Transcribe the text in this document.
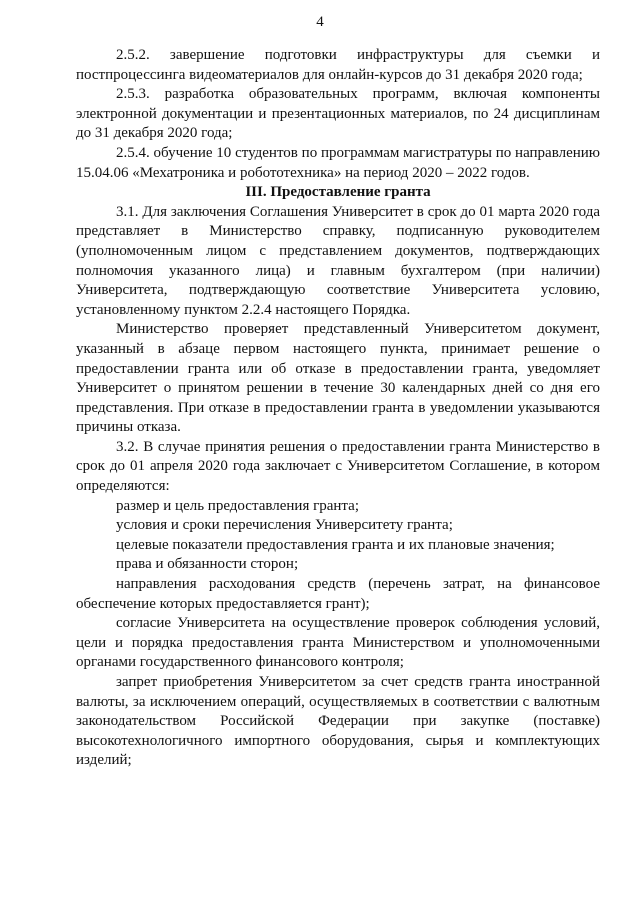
4

2.5.2. завершение подготовки инфраструктуры для съемки и постпроцессинга видеоматериалов для онлайн-курсов до 31 декабря 2020 года;

2.5.3. разработка образовательных программ, включая компоненты электронной документации и презентационных материалов, по 24 дисциплинам до 31 декабря 2020 года;

2.5.4. обучение 10 студентов по программам магистратуры по направлению 15.04.06 «Мехатроника и робототехника» на период 2020 – 2022 годов.

III. Предоставление гранта

3.1. Для заключения Соглашения Университет в срок до 01 марта 2020 года представляет в Министерство справку, подписанную руководителем (уполномоченным лицом с представлением документов, подтверждающих полномочия указанного лица) и главным бухгалтером (при наличии) Университета, подтверждающую соответствие Университета условию, установленному пунктом 2.2.4 настоящего Порядка.

Министерство проверяет представленный Университетом документ, указанный в абзаце первом настоящего пункта, принимает решение о предоставлении гранта или об отказе в предоставлении гранта, уведомляет Университет о принятом решении в течение 30 календарных дней со дня его представления. При отказе в предоставлении гранта в уведомлении указываются причины отказа.

3.2. В случае принятия решения о предоставлении гранта Министерство в срок до 01 апреля 2020 года заключает с Университетом Соглашение, в котором определяются:

размер и цель предоставления гранта;

условия и сроки перечисления Университету гранта;

целевые показатели предоставления гранта и их плановые значения;

права и обязанности сторон;

направления расходования средств (перечень затрат, на финансовое обеспечение которых предоставляется грант);

согласие Университета на осуществление проверок соблюдения условий, цели и порядка предоставления гранта Министерством и уполномоченными органами государственного финансового контроля;

запрет приобретения Университетом за счет средств гранта иностранной валюты, за исключением операций, осуществляемых в соответствии с валютным законодательством Российской Федерации при закупке (поставке) высокотехнологичного импортного оборудования, сырья и комплектующих изделий;
